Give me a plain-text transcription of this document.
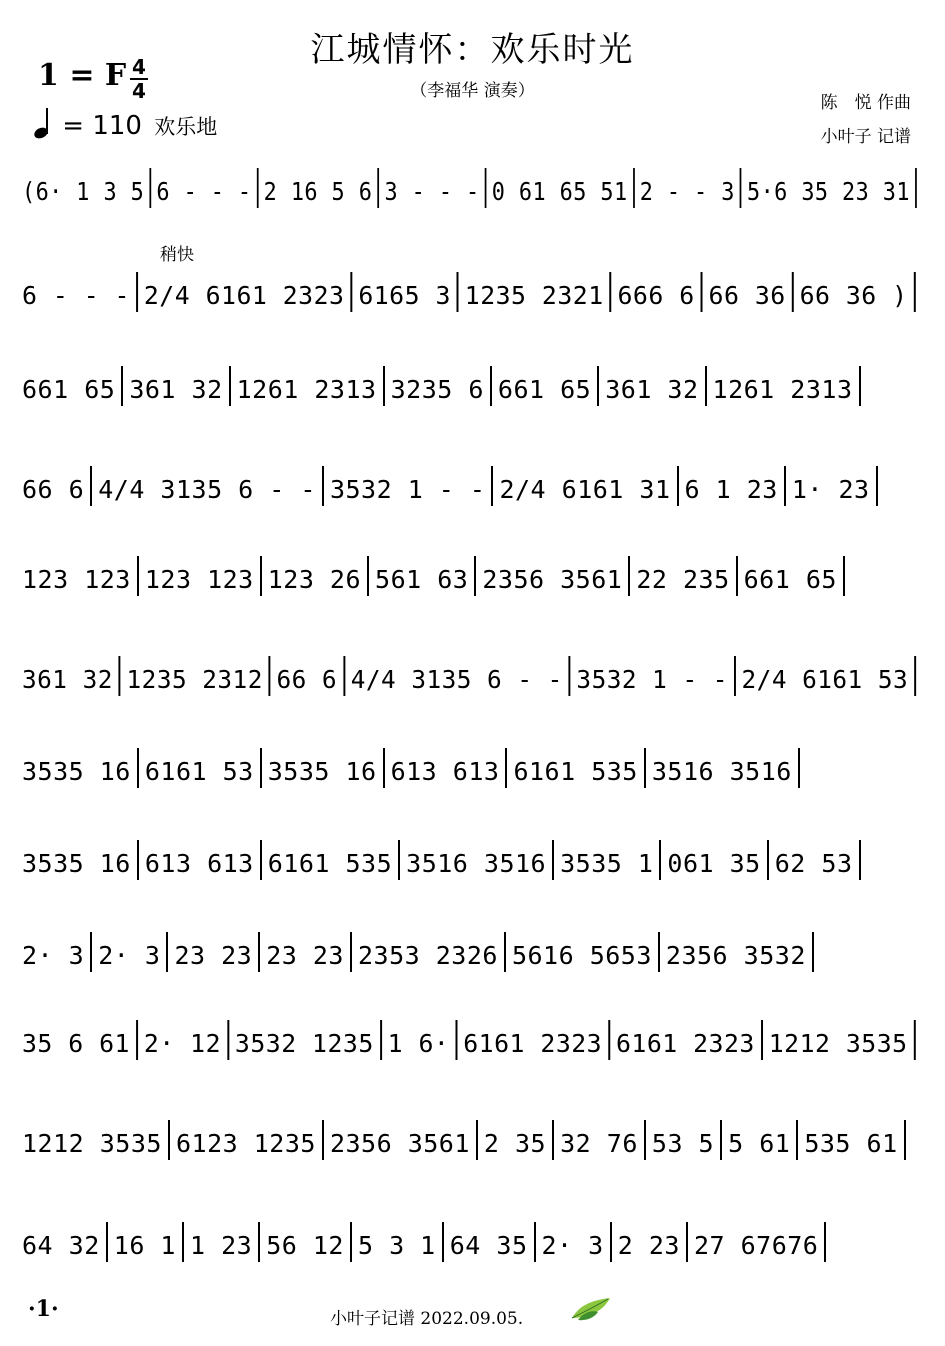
江城情怀：欢乐时光
（李福华 演奏）
1 = F 4
4
= 110 欢乐地
陈　悦 作曲
小叶子 记谱
稍快
(6· 1 3 5 6 - - - 2 16 5 6 3 - - - 0 61 65 51 2 - - 3 5·6 35 23 31
6 - - - 2/4 6161 2323 6165 3 1235 2321 666 6 66 36 66 36 )
661 65 361 32 1261 2313 3235 6 661 65 361 32 1261 2313
66 6 4/4 3135 6 - - 3532 1 - - 2/4 6161 31 6 1 23 1· 23
123 123 123 123 123 26 561 63 2356 3561 22 235 661 65
361 32 1235 2312 66 6 4/4 3135 6 - - 3532 1 - - 2/4 6161 53
3535 16 6161 53 3535 16 613 613 6161 535 3516 3516
3535 16 613 613 6161 535 3516 3516 3535 1 061 35 62 53
2· 3 2· 3 23 23 23 23 2353 2326 5616 5653 2356 3532
35 6 61 2· 12 3532 1235 1 6· 6161 2323 6161 2323 1212 3535
1212 3535 6123 1235 2356 3561 2 35 32 76 53 5 5 61 535 61
64 32 16 1 1 23 56 12 5 3 1 64 35 2· 3 2 23 27 67676
·1·	小叶子记谱 2022.09.05.
